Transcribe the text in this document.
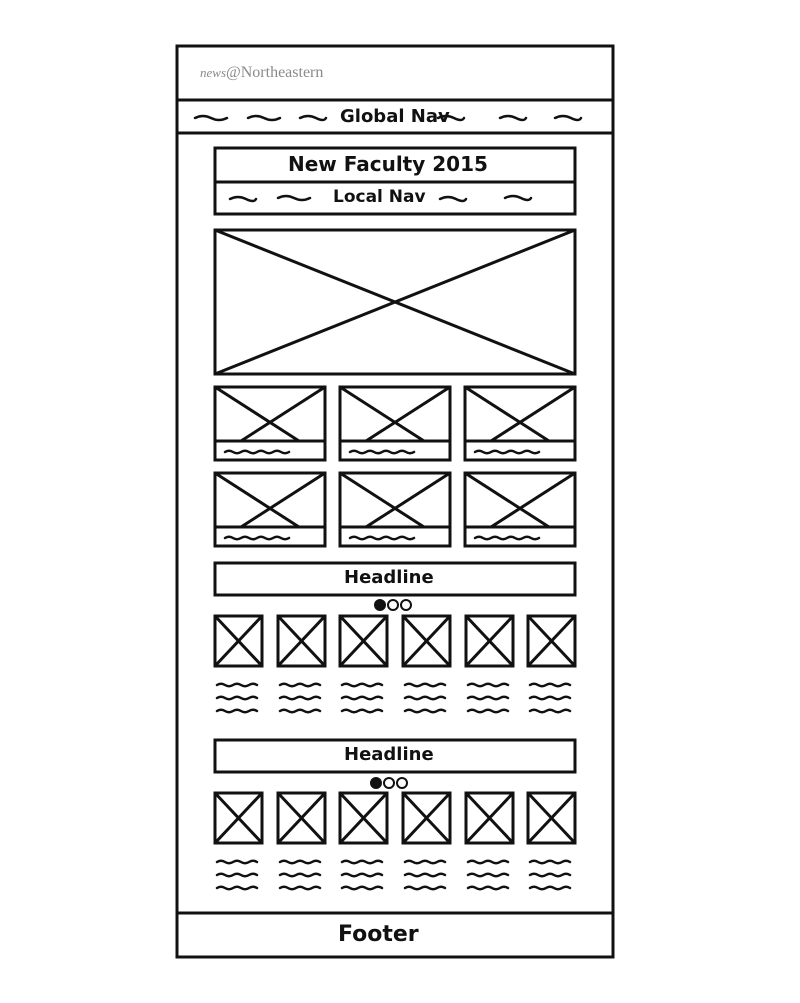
news@Northeastern
Global Nav
New Faculty 2015
Local Nav
Headline
Headline
Footer
